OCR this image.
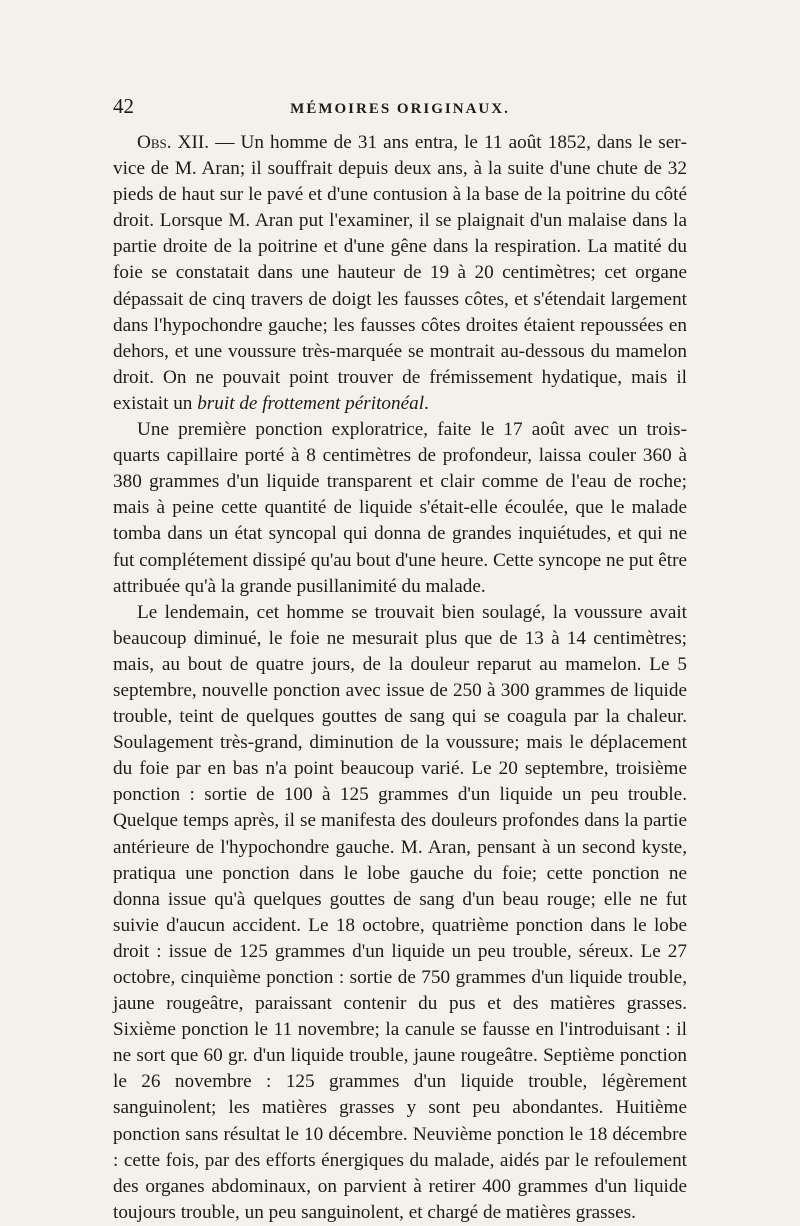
42	MÉMOIRES ORIGINAUX.

Obs. XII. — Un homme de 31 ans entra, le 11 août 1852, dans le service de M. Aran; il souffrait depuis deux ans, à la suite d'une chute de 32 pieds de haut sur le pavé et d'une contusion à la base de la poitrine du côté droit. Lorsque M. Aran put l'examiner, il se plaignait d'un malaise dans la partie droite de la poitrine et d'une gêne dans la respiration. La matité du foie se constatait dans une hauteur de 19 à 20 centimètres; cet organe dépassait de cinq travers de doigt les fausses côtes, et s'étendait largement dans l'hypochondre gauche; les fausses côtes droites étaient repoussées en dehors, et une voussure très-marquée se montrait au-dessous du mamelon droit. On ne pouvait point trouver de frémissement hydatique, mais il existait un bruit de frottement péritonéal.

Une première ponction exploratrice, faite le 17 août avec un trois-quarts capillaire porté à 8 centimètres de profondeur, laissa couler 360 à 380 grammes d'un liquide transparent et clair comme de l'eau de roche; mais à peine cette quantité de liquide s'était-elle écoulée, que le malade tomba dans un état syncopal qui donna de grandes inquiétudes, et qui ne fut complétement dissipé qu'au bout d'une heure. Cette syncope ne put être attribuée qu'à la grande pusillanimité du malade.

Le lendemain, cet homme se trouvait bien soulagé, la voussure avait beaucoup diminué, le foie ne mesurait plus que de 13 à 14 centimètres; mais, au bout de quatre jours, de la douleur reparut au mamelon. Le 5 septembre, nouvelle ponction avec issue de 250 à 300 grammes de liquide trouble, teint de quelques gouttes de sang qui se coagula par la chaleur. Soulagement très-grand, diminution de la voussure; mais le déplacement du foie par en bas n'a point beaucoup varié. Le 20 septembre, troisième ponction : sortie de 100 à 125 grammes d'un liquide un peu trouble. Quelque temps après, il se manifesta des douleurs profondes dans la partie antérieure de l'hypochondre gauche. M. Aran, pensant à un second kyste, pratiqua une ponction dans le lobe gauche du foie; cette ponction ne donna issue qu'à quelques gouttes de sang d'un beau rouge; elle ne fut suivie d'aucun accident. Le 18 octobre, quatrième ponction dans le lobe droit : issue de 125 grammes d'un liquide un peu trouble, séreux. Le 27 octobre, cinquième ponction : sortie de 750 grammes d'un liquide trouble, jaune rougeâtre, paraissant contenir du pus et des matières grasses. Sixième ponction le 11 novembre; la canule se fausse en l'introduisant : il ne sort que 60 gr. d'un liquide trouble, jaune rougeâtre. Septième ponction le 26 novembre : 125 grammes d'un liquide trouble, légèrement sanguinolent; les matières grasses y sont peu abondantes. Huitième ponction sans résultat le 10 décembre. Neuvième ponction le 18 décembre : cette fois, par des efforts énergiques du malade, aidés par le refoulement des organes abdominaux, on parvient à retirer 400 grammes d'un liquide toujours trouble, un peu sanguinolent, et chargé de matières grasses.
